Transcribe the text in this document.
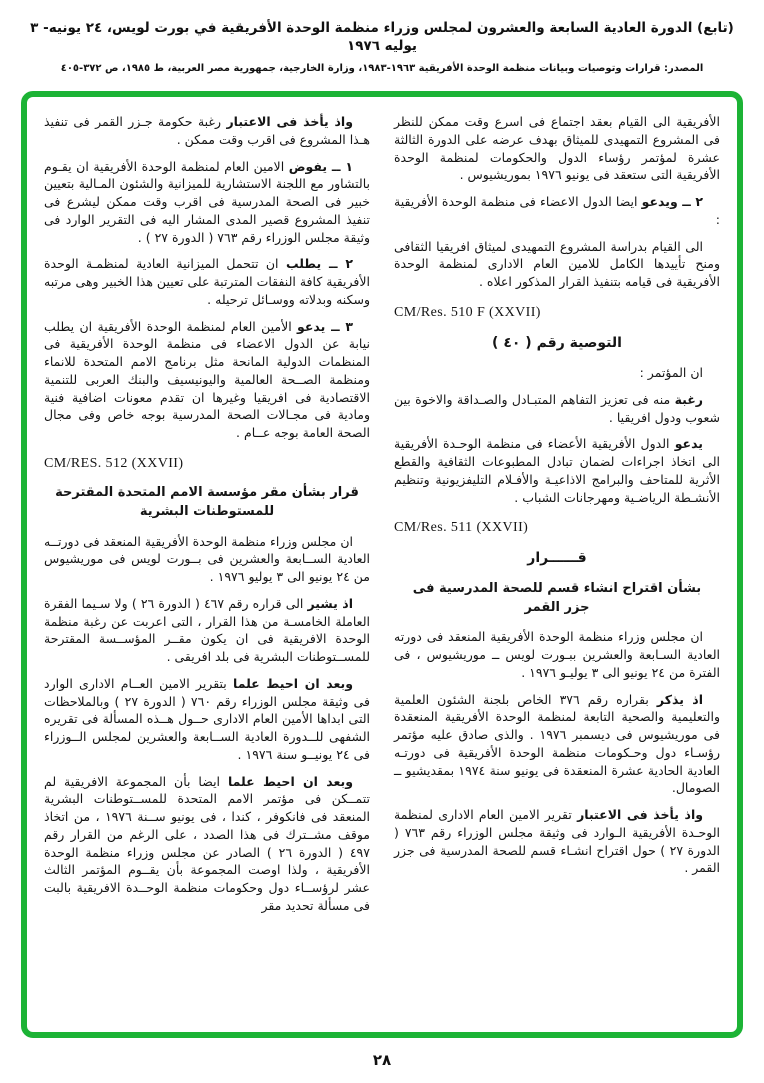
(تابع) الدورة العادية السابعة والعشرون لمجلس وزراء منظمة الوحدة الأفريقية في بورت لويس، ٢٤ يونيه- ٣ يوليه ١٩٧٦

المصدر: قرارات وتوصيات وبيانات منظمة الوحدة الأفريقية ١٩٦٣-١٩٨٣، وزارة الخارجية، جمهورية مصر العربية، ط ١٩٨٥، ص ٣٧٢-٤٠٥

الأفريقية الى القيام بعقد اجتماع فى اسرع وقت ممكن للنظر فى المشروع التمهيدى للميثاق بهدف عرضه على الدورة الثالثة عشرة لمؤتمر رؤساء الدول والحكومات لمنظمة الوحدة الأفريقية التى ستعقد فى يونيو ١٩٧٦ بموريشيوس .

٢ ــ ويدعو ايضا الدول الاعضاء فى منظمة الوحدة الأفريقية :

الى القيام بدراسة المشروع التمهيدى لميثاق افريقيا الثقافى ومنح تأييدها الكامل للامين العام الادارى لمنظمة الوحدة الأفريقية فى قيامه بتنفيذ القرار المذكور اعلاه .

CM/Res. 510 F (XXVII)

التوصية رقم ( ٤٠ )

ان المؤتمر :

رغبة منه فى تعزيز التفاهم المتبـادل والصـداقة والاخوة بين شعوب ودول افريقيا .

يدعو الدول الأفريقية الأعضاء فى منظمة الوحـدة الأفريقية الى اتخاذ اجراءات لضمان تبادل المطبوعات الثقافية والقطع الأثرية للمتاحف والبرامج الاذاعيـة والأفـلام التليفزيونية وتنظيم الأنشـطة الرياضـية ومهرجانات الشباب .

CM/Res. 511 (XXVII)

قــــــرار
بشأن اقتراح انشاء قسم للصحة المدرسية فى جزر القمر

ان مجلس وزراء منظمة الوحدة الأفريقية المنعقد فى دورته العادية السـابعة والعشرين ببـورت لويس ــ موريشيوس ، فى الفترة من ٢٤ يونيو الى ٣ يوليـو ١٩٧٦ .

اذ يذكر بقراره رقم ٣٧٦ الخاص بلجنة الشئون العلمية والتعليمية والصحية التابعة لمنظمة الوحدة الأفريقية المنعقدة فى موريشيوس فى ديسمبر ١٩٧٦ . والذى صادق عليه مؤتمر رؤسـاء دول وحـكومات منظمة الوحدة الأفريقية فى دورتـه العادية الحادية عشرة المنعقدة فى يونيو سنة ١٩٧٤ بمقديشيو ــ الصومال.

واذ يأخذ فى الاعتبار تقرير الامين العام الادارى لمنظمة الوحـدة الأفريقية الـوارد فى وثيقة مجلس الوزراء رقم ٧٦٣ ( الدورة ٢٧ ) حول اقتراح انشـاء قسم للصحة المدرسية فى جزر القمر .

واذ يأخذ فى الاعتبار رغبة حكومة جـزر القمر فى تنفيذ هـذا المشروع فى اقرب وقت ممكن .

١ ــ يفوض الامين العام لمنظمة الوحدة الأفريقية ان يقـوم بالتشاور مع اللجنة الاستشارية للميزانية والشئون المـالية بتعيين خبير فى الصحة المدرسية فى اقرب وقت ممكن ليشرع فى تنفيذ المشروع قصير المدى المشار اليه فى التقرير الوارد فى وثيقة مجلس الوزراء رقم ٧٦٣ ( الدورة ٢٧ ) .

٢ ــ يطلب ان تتحمل الميزانية العادية لمنظمـة الوحدة الأفريقية كافة النفقات المترتبة على تعيين هذا الخبير وهى مرتبه وسكنه وبدلاته ووسـائل ترحيله .

٣ ــ يدعو الأمين العام لمنظمة الوحدة الأفريقية ان يطلب نيابة عن الدول الاعضاء فى منظمة الوحدة الأفريقية فى المنظمات الدولية المانحة مثل برنامج الامم المتحدة للانماء ومنظمة الصــحة العالمية واليونيسيف والبنك العربى للتنمية الاقتصادية فى افريقيا وغيرها ان تقدم معونات اضافية فنية ومادية فى مجـالات الصحة المدرسية بوجه خاص وفى مجال الصحة العامة بوجه عــام .

CM/RES. 512 (XXVII)

قرار بشأن مقر مؤسسة الامم المتحدة المقترحة للمستوطنات البشرية

ان مجلس وزراء منظمة الوحدة الأفريقية المنعقد فى دورتــه العادية الســابعة والعشرين فى بــورت لويس فى موريشيوس من ٢٤ يونيو الى ٣ يوليو ١٩٧٦ .

اذ يشير الى قراره رقم ٤٦٧ ( الدورة ٢٦ ) ولا سـيما الفقرة العاملة الخامسـة من هذا القرار ، التى اعربت عن رغبة منظمة الوحدة الافريقية فى ان يكون مقــر المؤســسة المقترحة للمســتوطنات البشرية فى بلد افريقى .

وبعد ان احيط علما بتقرير الامين العــام الادارى الوارد فى وثيقة مجلس الوزراء رقم ٧٦٠ ( الدورة ٢٧ ) وبالملاحظات التى ابداها الأمين العام الادارى حــول هــذه المسألة فى تقريره الشفهى للــدورة العادية الســابعة والعشرين لمجلس الــوزراء فى ٢٤ يونيــو سنة ١٩٧٦ .

وبعد ان احيط علما ايضا بأن المجموعة الافريقية لم تتمــكن فى مؤتمر الامم المتحدة للمســتوطنات البشرية المنعقد فى فانكوفر ، كندا ، فى يونيو ســنة ١٩٧٦ ، من اتخاذ موقف مشــترك فى هذا الصدد ، على الرغم من القرار رقم ٤٩٧ ( الدورة ٢٦ ) الصادر عن مجلس وزراء منظمة الوحدة الأفريقية ، ولذا اوصت المجموعة بأن يقــوم المؤتمر الثالث عشر لرؤســاء دول وحكومات منظمة الوحــدة الافريقية بالبت فى مسألة تحديد مقر

٢٨
